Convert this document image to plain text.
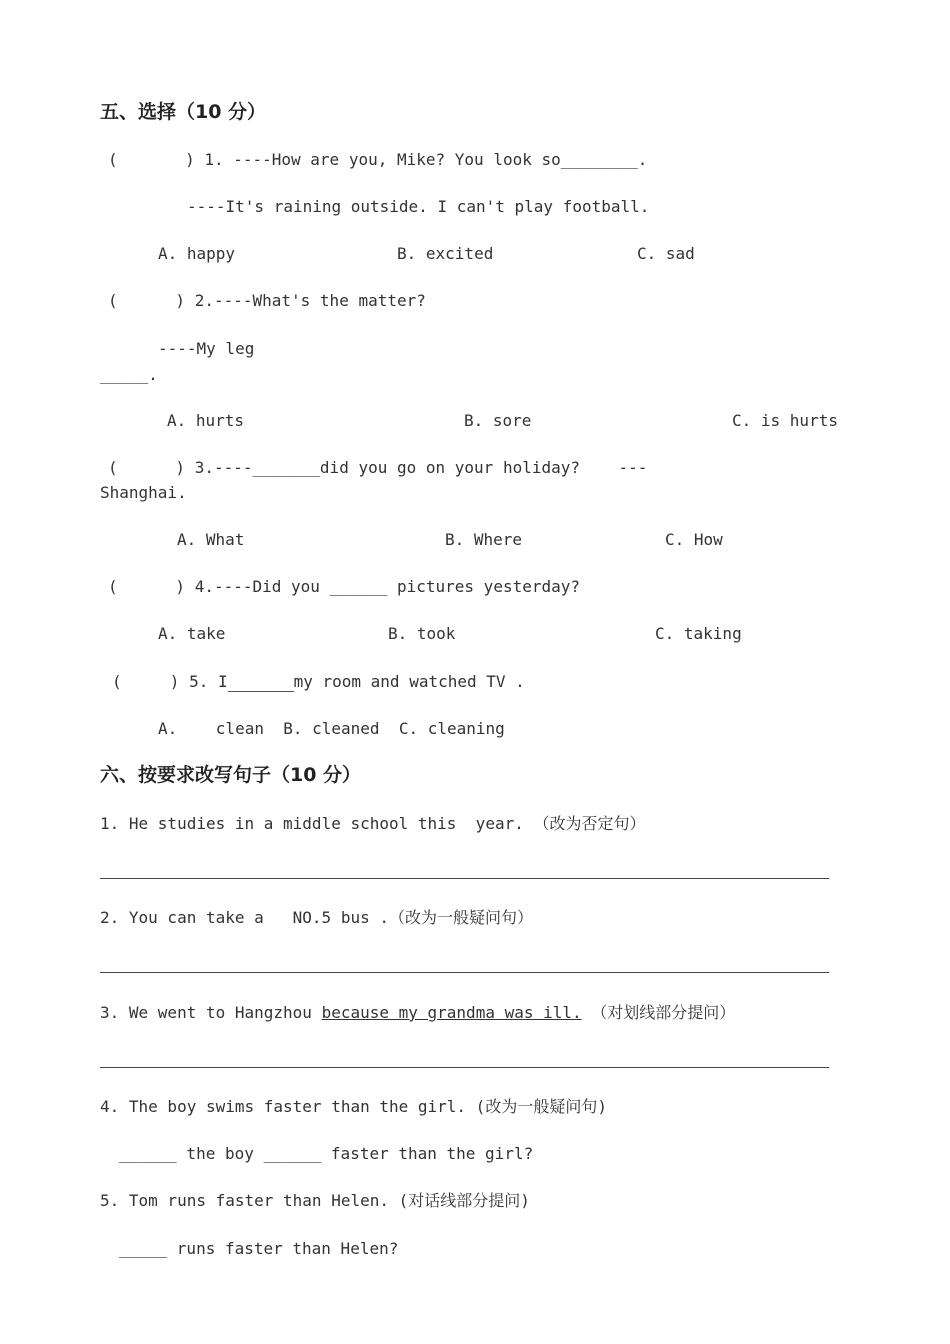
五、选择（10 分）
(       ) 1. ----How are you, Mike? You look so________.
----It's raining outside. I can't play football.
A. happy	B. excited	C. sad
(      ) 2.----What's the matter?
----My leg
_____.
A. hurts	B. sore	C. is hurts
(      ) 3.----_______did you go on your holiday?    ---
Shanghai.
A. What	B. Where	C. How
(      ) 4.----Did you ______ pictures yesterday?
A. take	B. took	C. taking
(     ) 5. I	my room and watched TV .
A.    clean  B. cleaned  C. cleaning
六、按要求改写句子（10 分）
1. He studies in a middle school this  year. （改为否定句）
2. You can take a   NO.5 bus .（改为一般疑问句）
3. We went to Hangzhou because my grandma was ill. （对划线部分提问）
4. The boy swims faster than the girl. (改为一般疑问句)
______ the boy ______ faster than the girl?
5. Tom runs faster than Helen. (对话线部分提问)
_____ runs faster than Helen?
